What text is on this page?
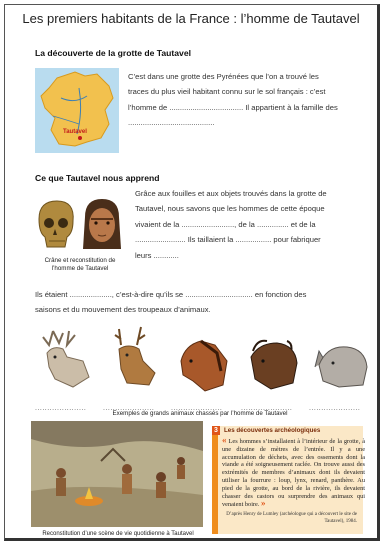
Les premiers habitants de la France : l’homme de Tautavel
La découverte de la grotte de Tautavel
Tautavel
C’est dans une grotte des Pyrénées que l’on a trouvé les
traces du plus vieil habitant connu sur le sol français : c’est
l’homme de ................................... Il appartient à la famille des
.........................................
Ce que Tautavel nous apprend
Crâne et reconstitution de l’homme de Tautavel
Grâce aux fouilles et aux objets trouvés dans la grotte de
Tautavel, nous savons que les hommes de cette époque
vivaient de la ........................., de la ............... et de la
........................ Ils taillaient la ................. pour fabriquer
leurs ............
Ils étaient ...................., c’est-à-dire qu’ils se ................................ en fonction des
saisons et du mouvement des troupeaux d’animaux.
..................... ..................... .....................	..................... .....................
Exemples de grands animaux chassés par l’homme de Tautavel
Reconstitution d’une scène de vie quotidienne à Tautavel
3 Les découvertes archéologiques
« Les hommes s’installaient à l’intérieur de la grotte, à une dizaine de mètres de l’entrée. Il y a une accumulation de déchets, avec des ossements dont la viande a été soigneusement raclée. On trouve aussi des extrémités de membres d’animaux dont ils devaient utiliser la fourrure : loup, lynx, renard, panthère. Au pied de la grotte, au bord de la rivière, ils devaient chasser des castors ou surprendre des animaux qui venaient boire. »
D’après Henry de Lumley (archéologue qui a découvert le site de Tautavel), 1984.
